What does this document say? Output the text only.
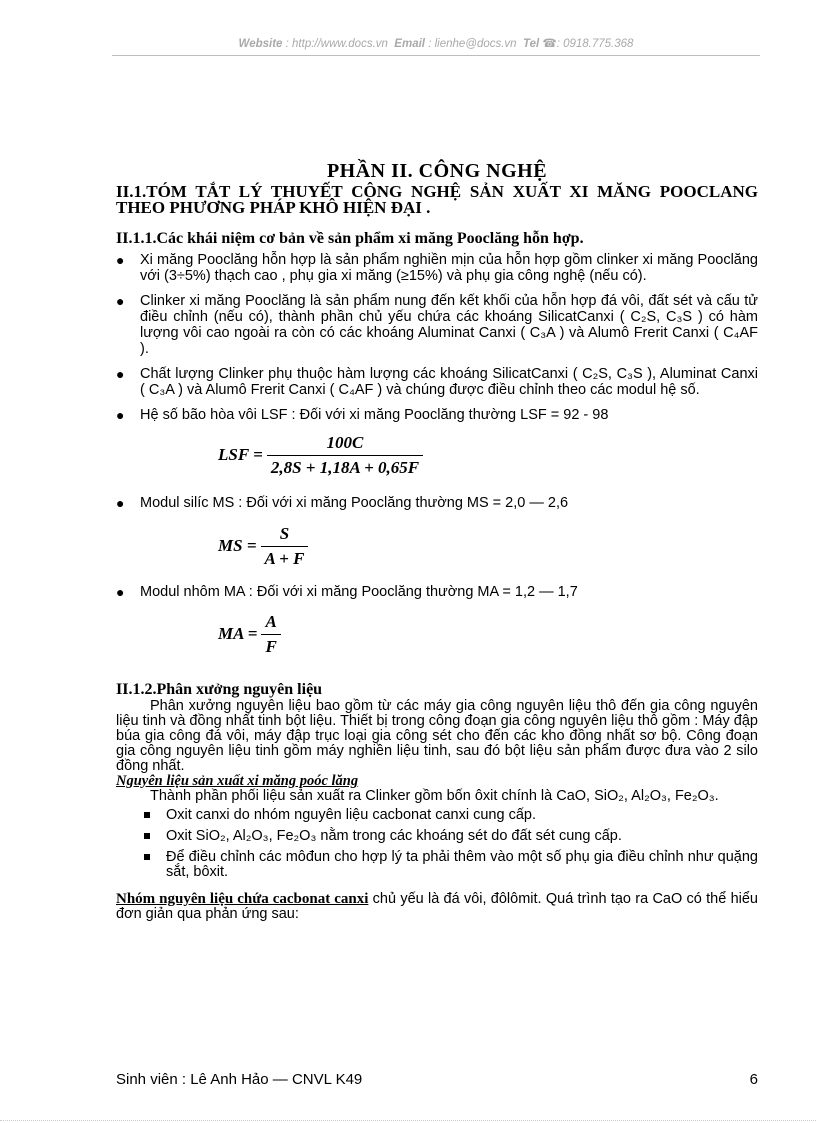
Website : http://www.docs.vn Email : lienhe@docs.vn Tel ☎: 0918.775.368
PHẦN II. CÔNG NGHỆ
II.1.TÓM TẮT LÝ THUYẾT CÔNG NGHỆ SẢN XUẤT XI MĂNG POOCLANG THEO PHƯƠNG PHÁP KHÔ HIỆN ĐẠI .
II.1.1.Các khái niệm cơ bản về sản phẩm xi măng Pooclăng hỗn hợp.
● Xi măng Pooclăng hỗn hợp là sản phẩm nghiền mịn của hỗn hợp gồm clinker xi măng Pooclăng với (3÷5%) thạch cao , phụ gia xi măng (≥15%) và phụ gia công nghệ (nếu có).
● Clinker xi măng Pooclăng là sản phẩm nung đến kết khối của hỗn hợp đá vôi, đất sét và cấu tử điều chỉnh (nếu có), thành phần chủ yếu chứa các khoáng SilicatCanxi ( C₂S, C₃S ) có hàm lượng vôi cao ngoài ra còn có các khoáng Aluminat Canxi ( C₃A ) và Alumô Frerit Canxi ( C₄AF ).
● Chất lượng Clinker phụ thuộc hàm lượng các khoáng SilicatCanxi ( C₂S, C₃S ), Aluminat Canxi ( C₃A ) và Alumô Frerit Canxi ( C₄AF ) và chúng được điều chỉnh theo các modul hệ số.
● Hệ số bão hòa vôi LSF : Đối với xi măng Pooclăng thường LSF = 92 - 98
LSF = $\frac{100C}{2,8S + 1,18A + 0,65F}$
● Modul silíc MS : Đối với xi măng Pooclăng thường MS = 2,0 — 2,6
MS = $\frac{S}{A + F}$
● Modul nhôm MA : Đối với xi măng Pooclăng thường MA = 1,2 — 1,7
MA = $\frac{A}{F}$
II.1.2.Phân xưởng nguyên liệu

Phân xưởng nguyên liệu bao gồm từ các máy gia công nguyên liệu thô đến gia công nguyên liệu tinh và đồng nhất tinh bột liệu. Thiết bị trong công đoạn gia công nguyên liệu thô gồm : Máy đập búa gia công đá vôi, máy đập trục loại gia công sét cho đến các kho đồng nhất sơ bộ. Công đoạn gia công nguyên liệu tinh gồm máy nghiền liệu tinh, sau đó bột liệu sản phẩm được đưa vào 2 silo đồng nhất.

Nguyên liệu sản xuất xi măng poóc lăng

Thành phần phối liệu sản xuất ra Clinker gồm bốn ôxit chính là CaO, SiO₂, Al₂O₃, Fe₂O₃.

Oxit canxi do nhóm nguyên liệu cacbonat canxi cung cấp.
Oxit SiO₂, Al₂O₃, Fe₂O₃ nằm trong các khoáng sét do đất sét cung cấp.
Để điều chỉnh các môđun cho hợp lý ta phải thêm vào một số phụ gia điều chỉnh như quặng sắt, bôxit.

Nhóm nguyên liệu chứa cacbonat canxi chủ yếu là đá vôi, đôlômit. Quá trình tạo ra CaO có thể hiểu đơn giản qua phản ứng sau:

Sinh viên : Lê Anh Hảo — CNVL K49	6
